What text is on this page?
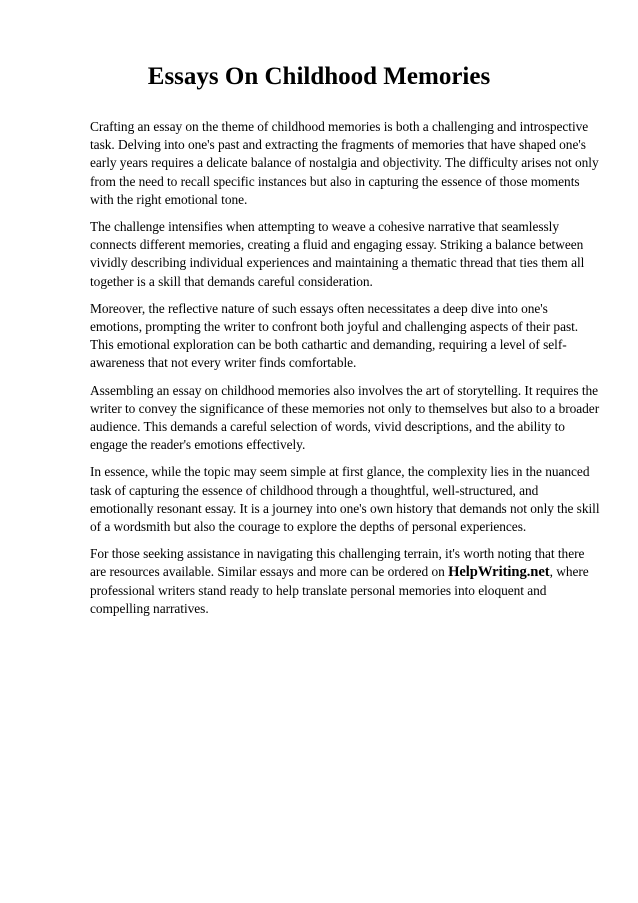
Essays On Childhood Memories

Crafting an essay on the theme of childhood memories is both a challenging and introspective task. Delving into one's past and extracting the fragments of memories that have shaped one's early years requires a delicate balance of nostalgia and objectivity. The difficulty arises not only from the need to recall specific instances but also in capturing the essence of those moments with the right emotional tone.

The challenge intensifies when attempting to weave a cohesive narrative that seamlessly connects different memories, creating a fluid and engaging essay. Striking a balance between vividly describing individual experiences and maintaining a thematic thread that ties them all together is a skill that demands careful consideration.

Moreover, the reflective nature of such essays often necessitates a deep dive into one's emotions, prompting the writer to confront both joyful and challenging aspects of their past. This emotional exploration can be both cathartic and demanding, requiring a level of self-awareness that not every writer finds comfortable.

Assembling an essay on childhood memories also involves the art of storytelling. It requires the writer to convey the significance of these memories not only to themselves but also to a broader audience. This demands a careful selection of words, vivid descriptions, and the ability to engage the reader's emotions effectively.

In essence, while the topic may seem simple at first glance, the complexity lies in the nuanced task of capturing the essence of childhood through a thoughtful, well-structured, and emotionally resonant essay. It is a journey into one's own history that demands not only the skill of a wordsmith but also the courage to explore the depths of personal experiences.

For those seeking assistance in navigating this challenging terrain, it's worth noting that there are resources available. Similar essays and more can be ordered on HelpWriting.net, where professional writers stand ready to help translate personal memories into eloquent and compelling narratives.
